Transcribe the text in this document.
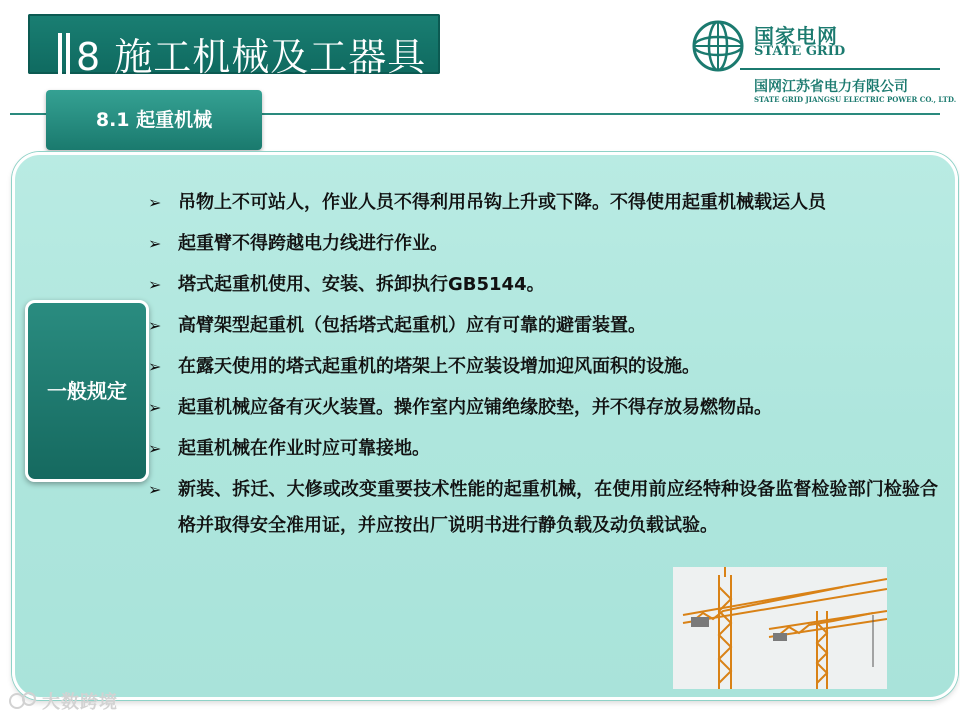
8 施工机械及工器具	国家电网
STATE GRID
国网江苏省电力有限公司
STATE GRID JIANGSU ELECTRIC POWER CO., LTD.
8.1 起重机械
一般规定
➢ 吊物上不可站人，作业人员不得利用吊钩上升或下降。不得使用起重机械载运人员
➢ 起重臂不得跨越电力线进行作业。
➢ 塔式起重机使用、安装、拆卸执行GB5144。
➢ 高臂架型起重机（包括塔式起重机）应有可靠的避雷装置。
➢ 在露天使用的塔式起重机的塔架上不应装设增加迎风面积的设施。
➢ 起重机械应备有灭火装置。操作室内应铺绝缘胶垫，并不得存放易燃物品。
➢ 起重机械在作业时应可靠接地。
➢ 新装、拆迁、大修或改变重要技术性能的起重机械，在使用前应经特种设备监督检验部门检验合格并取得安全准用证，并应按出厂说明书进行静负载及动负载试验。
大数跨境
